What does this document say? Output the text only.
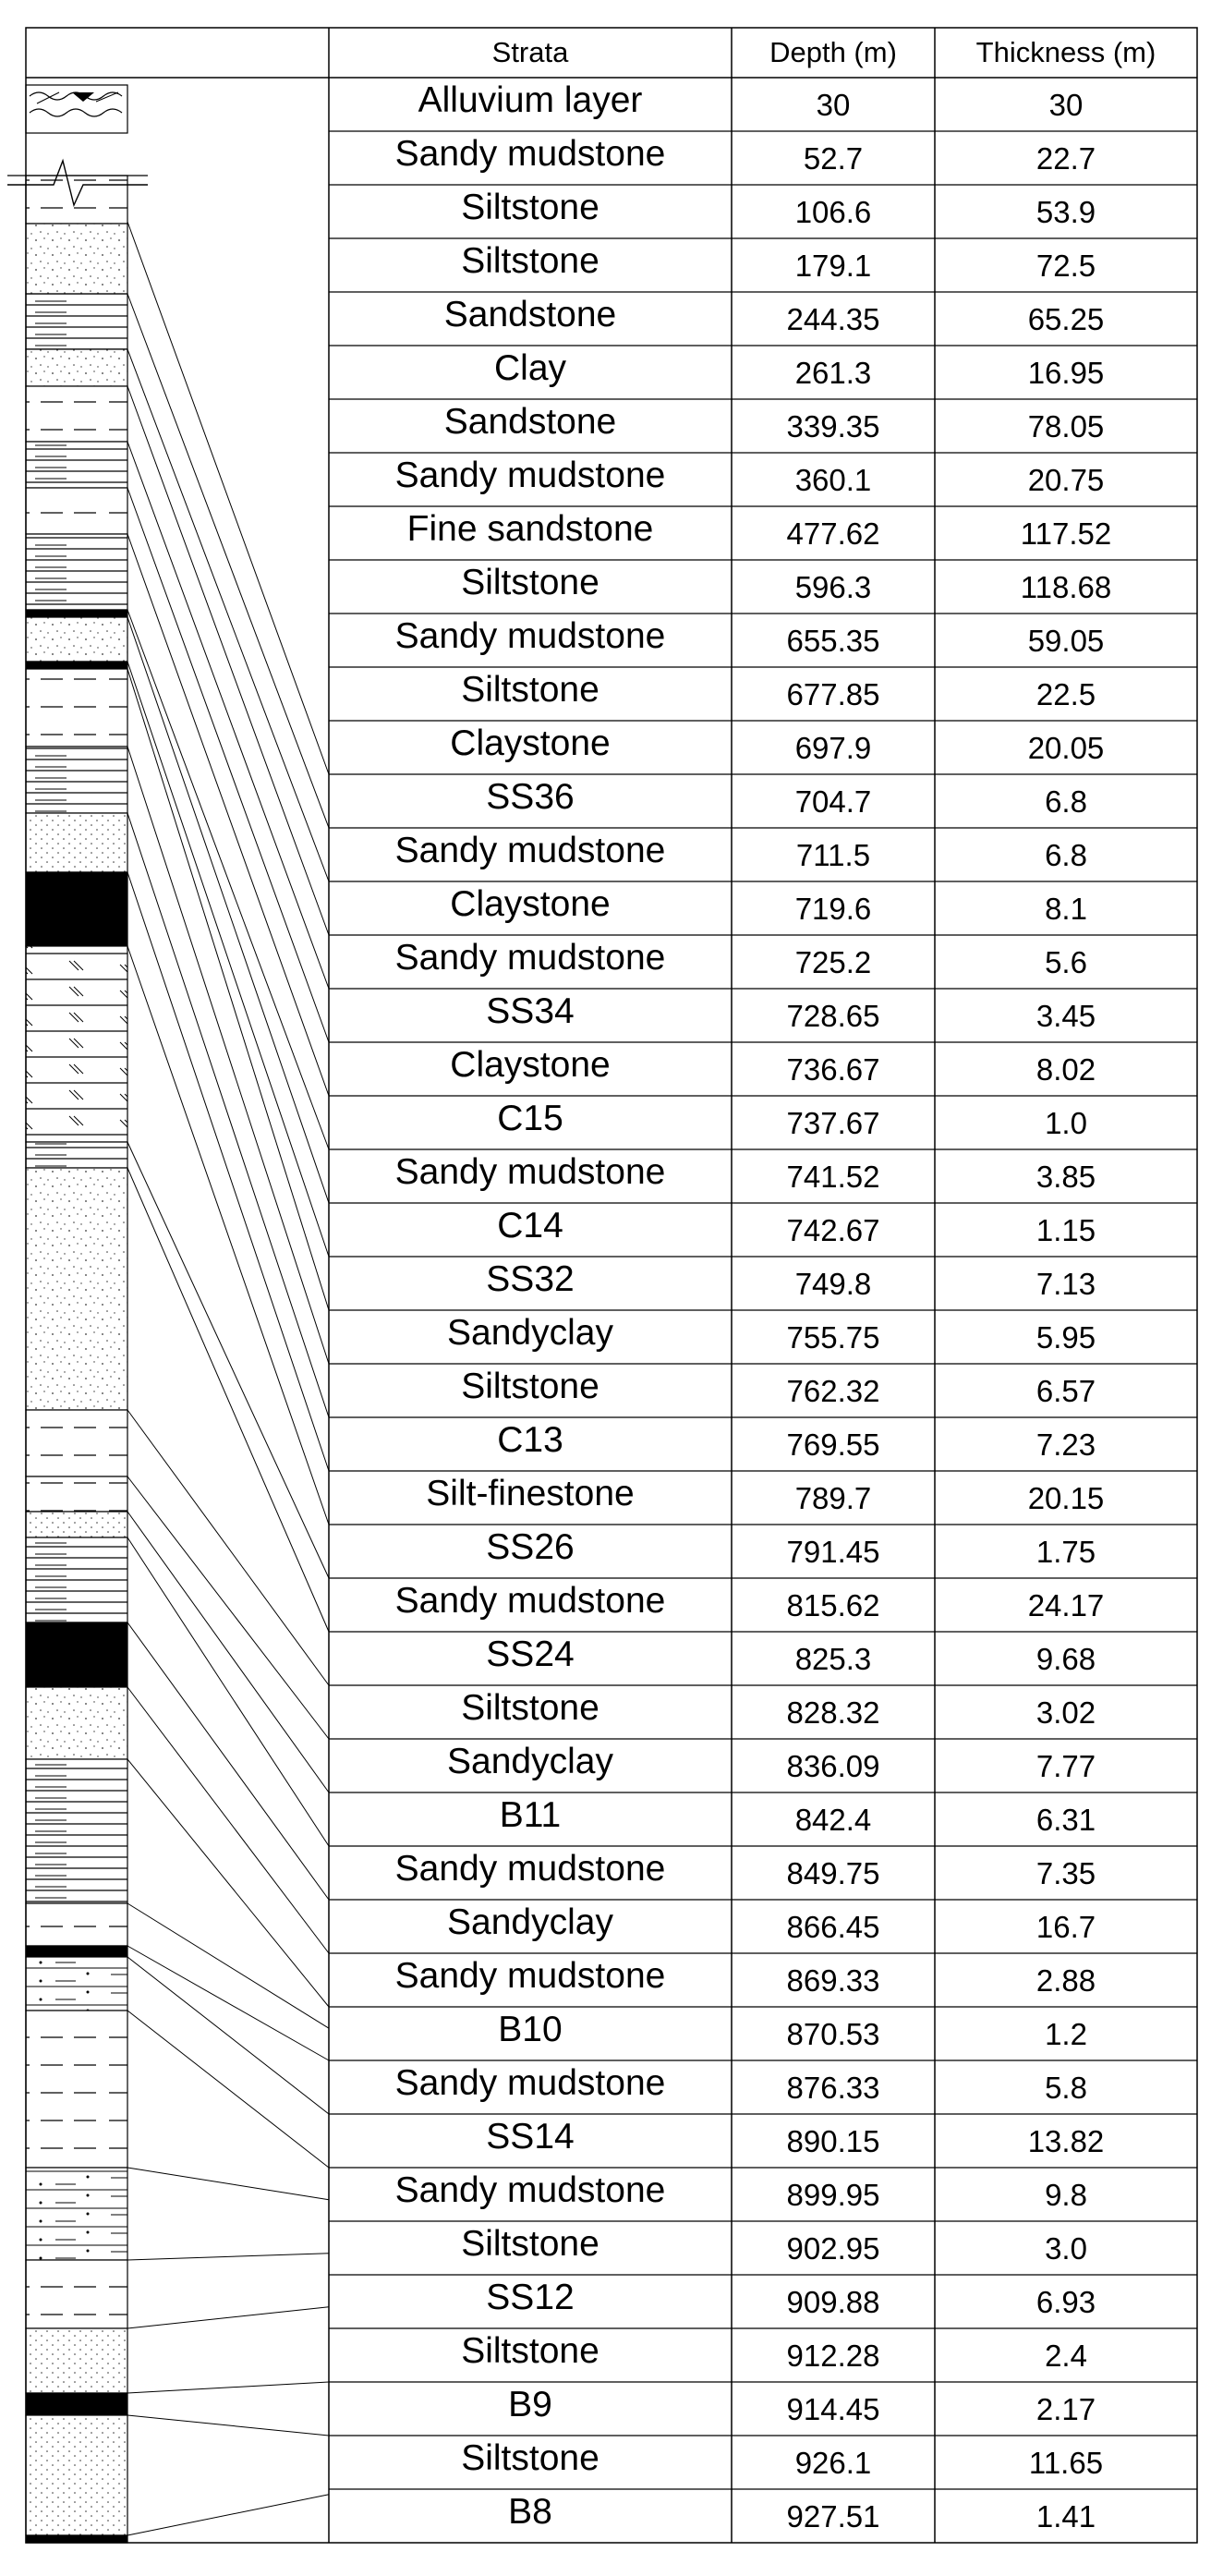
Strata	Depth (m)	Thickness (m)
Alluvium layer	30	30
Sandy mudstone	52.7	22.7
Siltstone	106.6	53.9
Siltstone	179.1	72.5
Sandstone	244.35	65.25
Clay	261.3	16.95
Sandstone	339.35	78.05
Sandy mudstone	360.1	20.75
Fine sandstone	477.62	117.52
Siltstone	596.3	118.68
Sandy mudstone	655.35	59.05
Siltstone	677.85	22.5
Claystone	697.9	20.05
SS36	704.7	6.8
Sandy mudstone	711.5	6.8
Claystone	719.6	8.1
Sandy mudstone	725.2	5.6
SS34	728.65	3.45
Claystone	736.67	8.02
C15	737.67	1.0
Sandy mudstone	741.52	3.85
C14	742.67	1.15
SS32	749.8	7.13
Sandyclay	755.75	5.95
Siltstone	762.32	6.57
C13	769.55	7.23
Silt-finestone	789.7	20.15
SS26	791.45	1.75
Sandy mudstone	815.62	24.17
SS24	825.3	9.68
Siltstone	828.32	3.02
Sandyclay	836.09	7.77
B11	842.4	6.31
Sandy mudstone	849.75	7.35
Sandyclay	866.45	16.7
Sandy mudstone	869.33	2.88
B10	870.53	1.2
Sandy mudstone	876.33	5.8
SS14	890.15	13.82
Sandy mudstone	899.95	9.8
Siltstone	902.95	3.0
SS12	909.88	6.93
Siltstone	912.28	2.4
B9	914.45	2.17
Siltstone	926.1	11.65
B8	927.51	1.41
